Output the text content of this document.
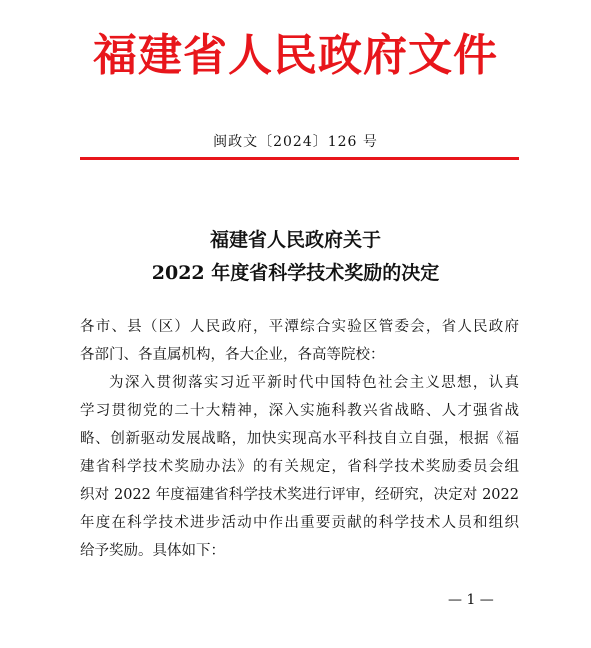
福建省人民政府文件
闽政文〔2024〕126 号
福建省人民政府关于
2022 年度省科学技术奖励的决定
各市、县（区）人民政府，平潭综合实验区管委会，省人民政府
各部门、各直属机构，各大企业，各高等院校：
为深入贯彻落实习近平新时代中国特色社会主义思想，认真
学习贯彻党的二十大精神，深入实施科教兴省战略、人才强省战
略、创新驱动发展战略，加快实现高水平科技自立自强，根据《福
建省科学技术奖励办法》的有关规定，省科学技术奖励委员会组
织对 2022 年度福建省科学技术奖进行评审，经研究，决定对 2022
年度在科学技术进步活动中作出重要贡献的科学技术人员和组织
给予奖励。具体如下：
— 1 —
